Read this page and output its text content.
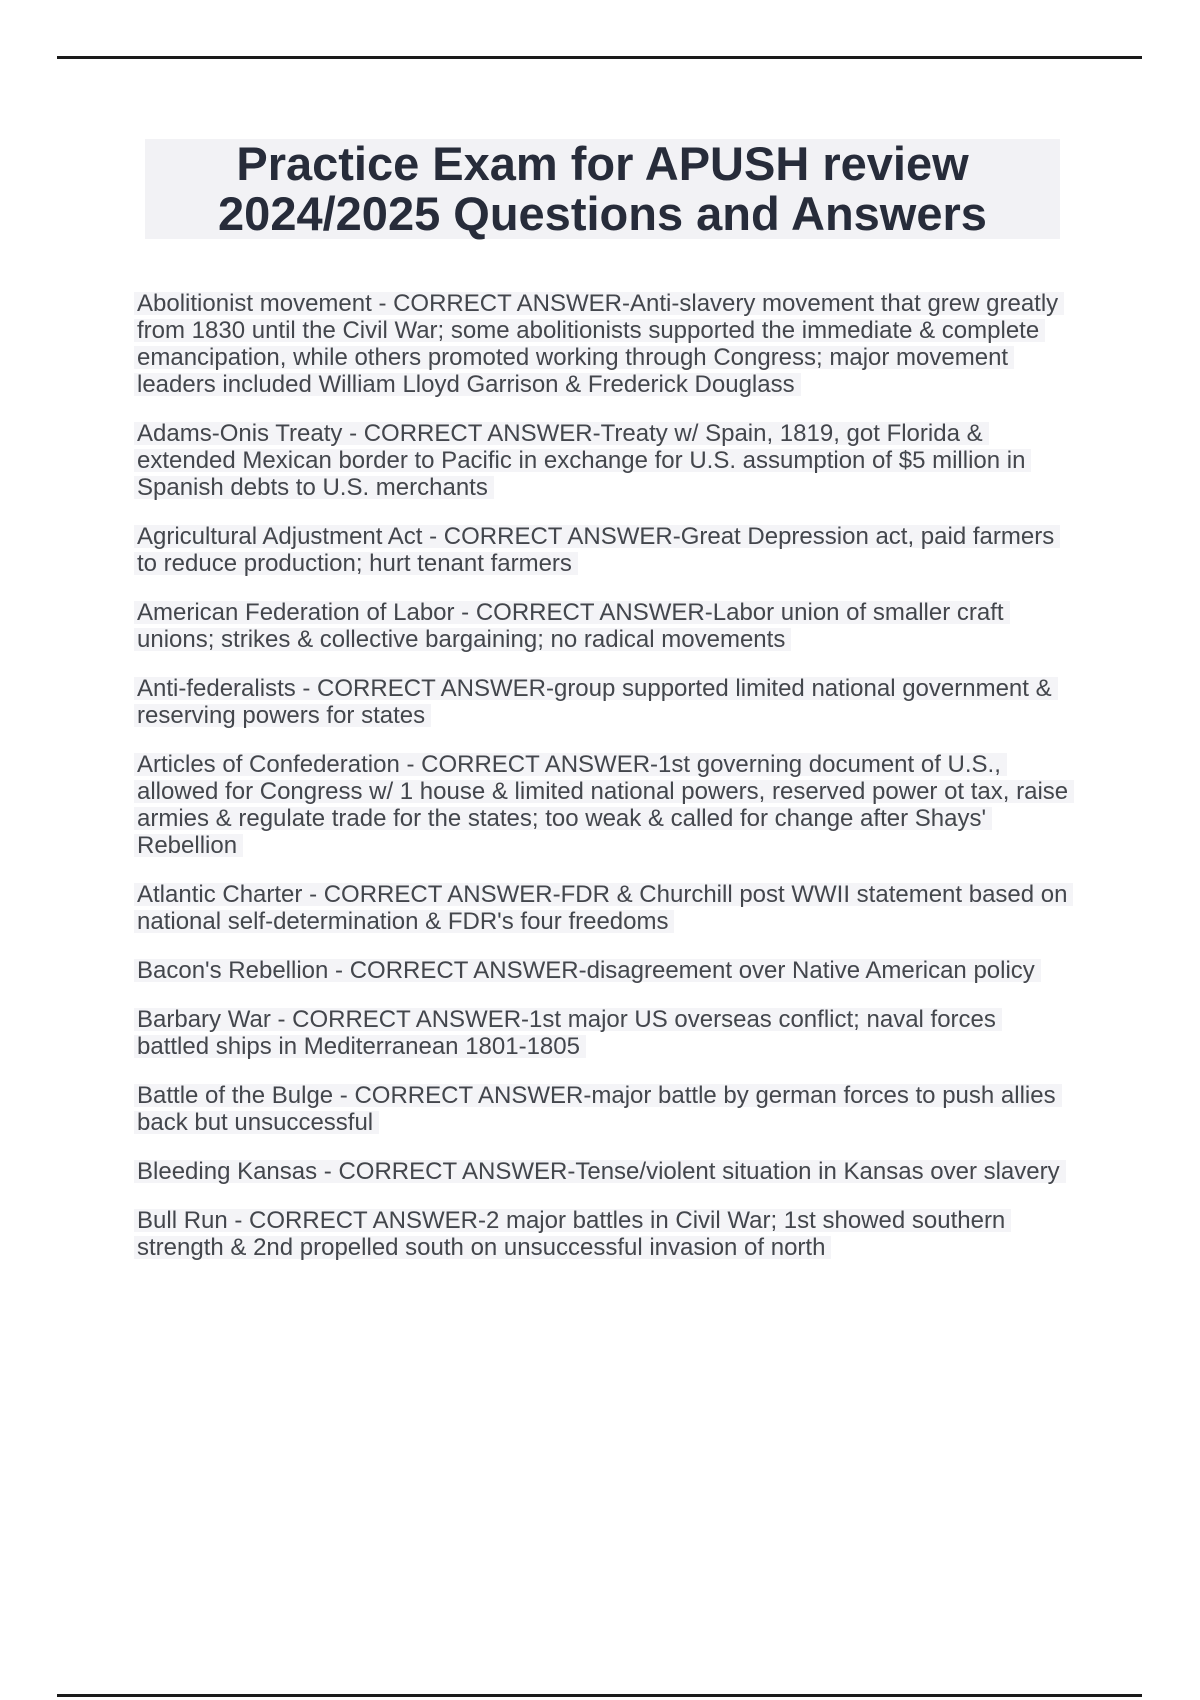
Practice Exam for APUSH review
2024/2025 Questions and Answers

Abolitionist movement - CORRECT ANSWER-Anti-slavery movement that grew greatly
from 1830 until the Civil War; some abolitionists supported the immediate & complete
emancipation, while others promoted working through Congress; major movement
leaders included William Lloyd Garrison & Frederick Douglass

Adams-Onis Treaty - CORRECT ANSWER-Treaty w/ Spain, 1819, got Florida &
extended Mexican border to Pacific in exchange for U.S. assumption of $5 million in
Spanish debts to U.S. merchants

Agricultural Adjustment Act - CORRECT ANSWER-Great Depression act, paid farmers
to reduce production; hurt tenant farmers

American Federation of Labor - CORRECT ANSWER-Labor union of smaller craft
unions; strikes & collective bargaining; no radical movements

Anti-federalists - CORRECT ANSWER-group supported limited national government &
reserving powers for states

Articles of Confederation - CORRECT ANSWER-1st governing document of U.S.,
allowed for Congress w/ 1 house & limited national powers, reserved power ot tax, raise
armies & regulate trade for the states; too weak & called for change after Shays'
Rebellion

Atlantic Charter - CORRECT ANSWER-FDR & Churchill post WWII statement based on
national self-determination & FDR's four freedoms

Bacon's Rebellion - CORRECT ANSWER-disagreement over Native American policy

Barbary War - CORRECT ANSWER-1st major US overseas conflict; naval forces
battled ships in Mediterranean 1801-1805

Battle of the Bulge - CORRECT ANSWER-major battle by german forces to push allies
back but unsuccessful

Bleeding Kansas - CORRECT ANSWER-Tense/violent situation in Kansas over slavery

Bull Run - CORRECT ANSWER-2 major battles in Civil War; 1st showed southern
strength & 2nd propelled south on unsuccessful invasion of north
